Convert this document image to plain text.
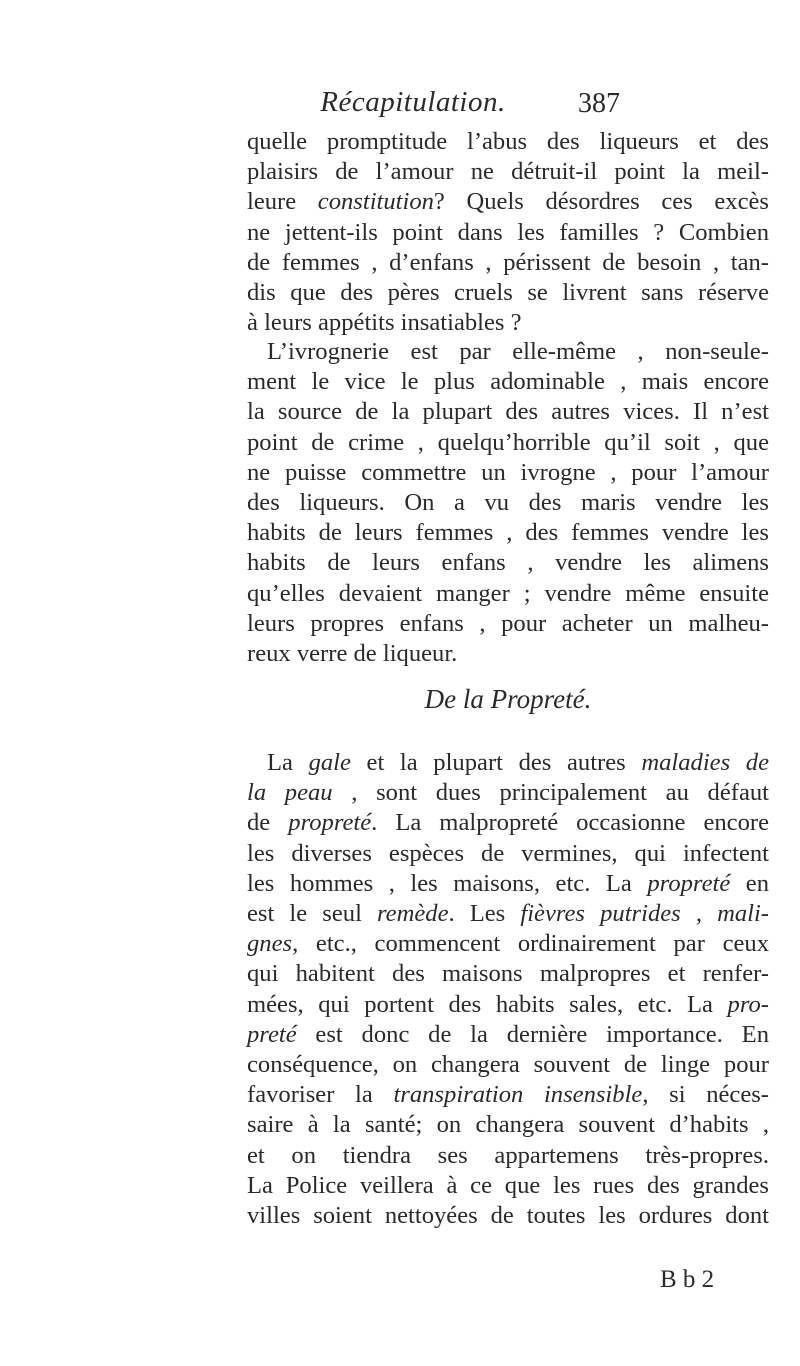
Récapitulation.	387
quelle promptitude l’abus des liqueurs et des
plaisirs de l’amour ne détruit-il point la meil-
leure constitution? Quels désordres ces excès
ne jettent-ils point dans les familles ? Combien
de femmes , d’enfans , périssent de besoin , tan-
dis que des pères cruels se livrent sans réserve
à leurs appétits insatiables ?
L’ivrognerie est par elle-même , non-seule-
ment le vice le plus adominable , mais encore
la source de la plupart des autres vices. Il n’est
point de crime , quelqu’horrible qu’il soit , que
ne puisse commettre un ivrogne , pour l’amour
des liqueurs. On a vu des maris vendre les
habits de leurs femmes , des femmes vendre les
habits de leurs enfans , vendre les alimens
qu’elles devaient manger ; vendre même ensuite
leurs propres enfans , pour acheter un malheu-
reux verre de liqueur.
De la Propreté.
La gale et la plupart des autres maladies de
la peau , sont dues principalement au défaut
de propreté. La malpropreté occasionne encore
les diverses espèces de vermines, qui infectent
les hommes , les maisons, etc. La propreté en
est le seul remède. Les fièvres putrides , mali-
gnes, etc., commencent ordinairement par ceux
qui habitent des maisons malpropres et renfer-
mées, qui portent des habits sales, etc. La pro-
preté est donc de la dernière importance. En
conséquence, on changera souvent de linge pour
favoriser la transpiration insensible, si néces-
saire à la santé; on changera souvent d’habits ,
et on tiendra ses appartemens très-propres.
La Police veillera à ce que les rues des grandes
villes soient nettoyées de toutes les ordures dont
B b 2
